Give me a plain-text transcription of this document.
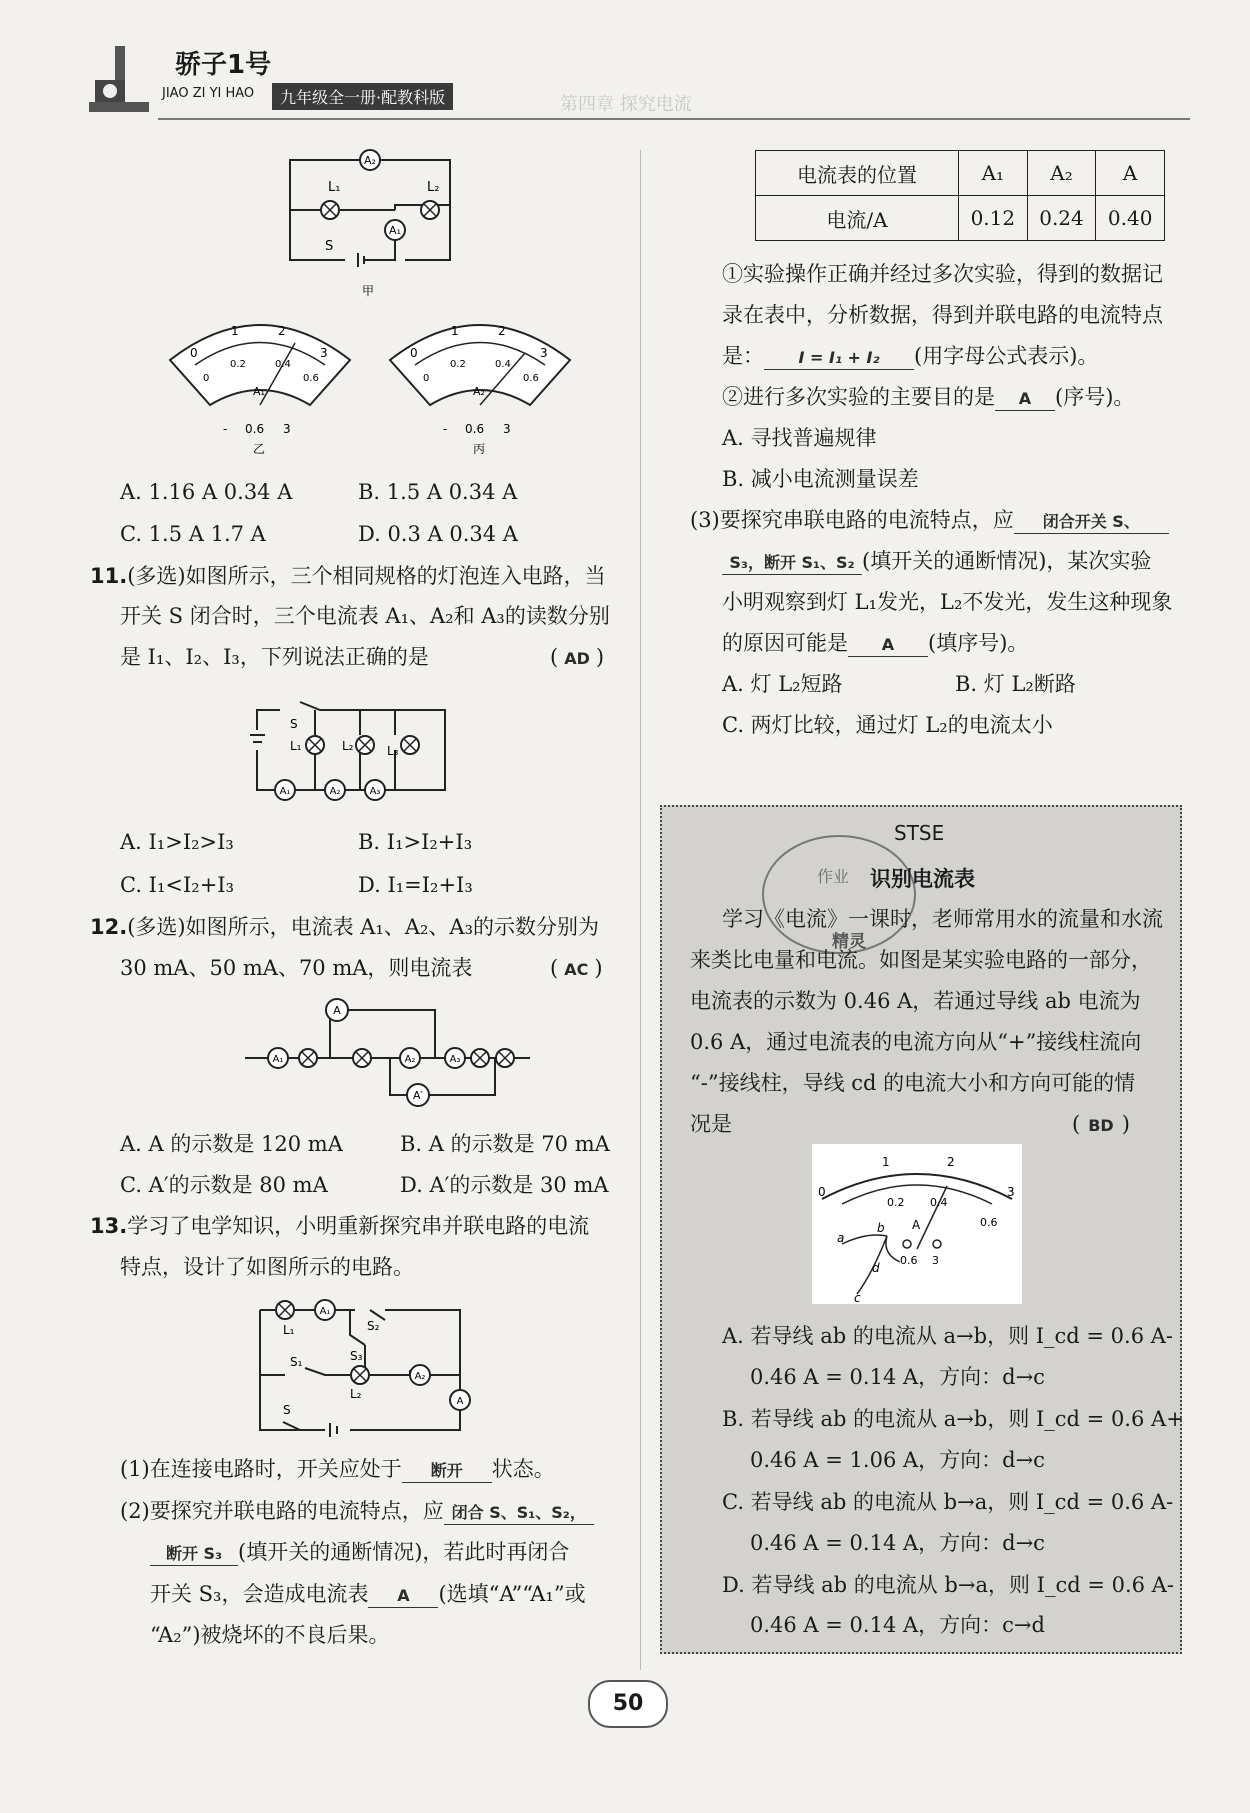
骄子1号
JIAO ZI YI HAO	九年级全一册·配教科版	第四章 探究电流
A₂
L₁	L₂
A₁
S
甲
0
1	2
3
0
0.2	0.4
0.6
A₁
- 0.6 3
乙
0
1	2
3
0
0.2	0.4
0.6
A₂
- 0.6 3
丙
A. 1.16 A 0.34 A	B. 1.5 A 0.34 A
C. 1.5 A 1.7 A	D. 0.3 A 0.34 A
11.(多选)如图所示，三个相同规格的灯泡连入电路，当
开关 S 闭合时，三个电流表 A₁、A₂和 A₃的读数分别
是 I₁、I₂、I₃，下列说法正确的是	( AD )
L₁	L₂	L₃
S
A₁	A₂	A₃
A. I₁>I₂>I₃	B. I₁>I₂+I₃
C. I₁<I₂+I₃	D. I₁=I₂+I₃
12.(多选)如图所示，电流表 A₁、A₂、A₃的示数分别为
30 mA、50 mA、70 mA，则电流表	( AC )
A
A₁	A₂	A₃
A′
A. A 的示数是 120 mA	B. A 的示数是 70 mA
C. A′的示数是 80 mA	D. A′的示数是 30 mA
13.学习了电学知识，小明重新探究串并联电路的电流
特点，设计了如图所示的电路。
A₁
L₁
S₃
S₂
S₁
L₂
A₂
A
S
(1)在连接电路时，开关应处于 断开 状态。
(2)要探究并联电路的电流特点，应 闭合 S、S₁、S₂，
断开 S₃ (填开关的通断情况)，若此时再闭合
开关 S₃，会造成电流表 A (选填“A”“A₁”或
“A₂”)被烧坏的不良后果。
电流表的位置	A₁	A₂	A
电流/A	0.12	0.24	0.40
①实验操作正确并经过多次实验，得到的数据记
录在表中，分析数据，得到并联电路的电流特点
是： I = I₁ + I₂ (用字母公式表示)。
②进行多次实验的主要目的是 A (序号)。
A. 寻找普遍规律
B. 减小电流测量误差
(3)要探究串联电路的电流特点，应 闭合开关 S、
S₃，断开 S₁、S₂ (填开关的通断情况)，某次实验
小明观察到灯 L₁发光，L₂不发光，发生这种现象
的原因可能是 A (填序号)。
A. 灯 L₂短路	B. 灯 L₂断路
C. 两灯比较，通过灯 L₂的电流太小
作业
精灵
STSE
识别电流表
学习《电流》一课时，老师常用水的流量和水流
来类比电量和电流。如图是某实验电路的一部分，
电流表的示数为 0.46 A，若通过导线 ab 电流为
0.6 A，通过电流表的电流方向从“+”接线柱流向
“-”接线柱，导线 cd 的电流大小和方向可能的情
况是	( BD )
0
1	2
3
0.2 0.4
0.6
A
0.6 3
a
b
c
d
A. 若导线 ab 的电流从 a→b，则 I_cd = 0.6 A-
0.46 A = 0.14 A，方向：d→c
B. 若导线 ab 的电流从 a→b，则 I_cd = 0.6 A+
0.46 A = 1.06 A，方向：d→c
C. 若导线 ab 的电流从 b→a，则 I_cd = 0.6 A-
0.46 A = 0.14 A，方向：d→c
D. 若导线 ab 的电流从 b→a，则 I_cd = 0.6 A-
0.46 A = 0.14 A，方向：c→d
50
